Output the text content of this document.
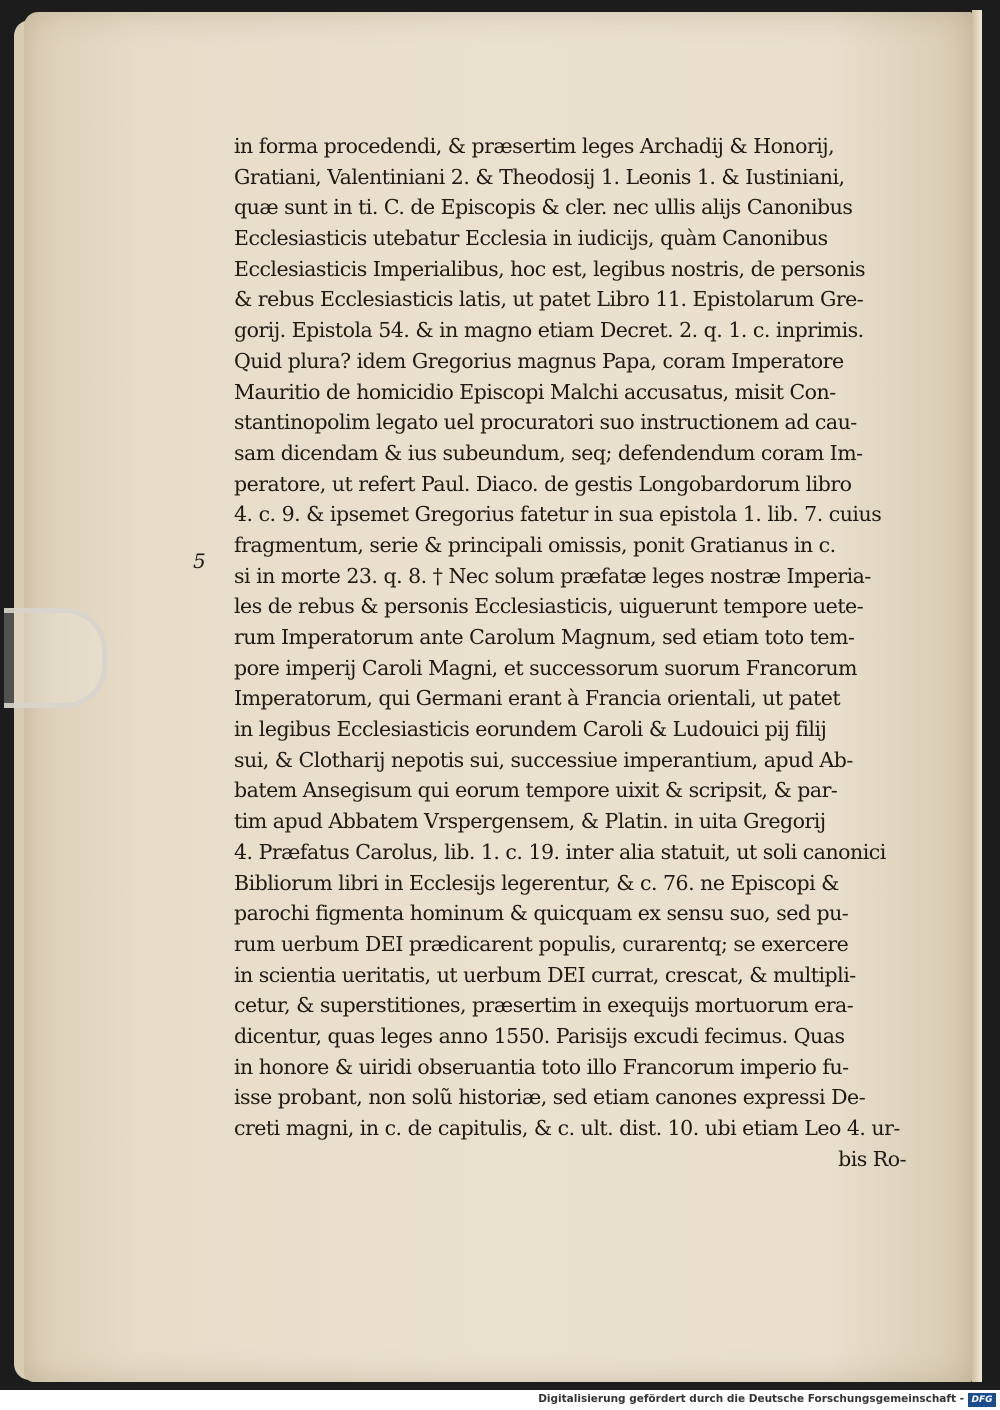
5
in forma procedendi, & præsertim leges Archadij & Honorij,
Gratiani, Valentiniani 2. & Theodosij 1. Leonis 1. & Iustiniani,
quæ sunt in ti. C. de Episcopis & cler. nec ullis alijs Canonibus
Ecclesiasticis utebatur Ecclesia in iudicijs, quàm Canonibus
Ecclesiasticis Imperialibus, hoc est, legibus nostris, de personis
& rebus Ecclesiasticis latis, ut patet Libro 11. Epistolarum Gre-
gorij. Epistola 54. & in magno etiam Decret. 2. q. 1. c. inprimis.
Quid plura? idem Gregorius magnus Papa, coram Imperatore
Mauritio de homicidio Episcopi Malchi accusatus, misit Con-
stantinopolim legato uel procuratori suo instructionem ad cau-
sam dicendam & ius subeundum, seq; defendendum coram Im-
peratore, ut refert Paul. Diaco. de gestis Longobardorum libro
4. c. 9. & ipsemet Gregorius fatetur in sua epistola 1. lib. 7. cuius
fragmentum, serie & principali omissis, ponit Gratianus in c.
si in morte 23. q. 8. † Nec solum præfatæ leges nostræ Imperia-
les de rebus & personis Ecclesiasticis, uiguerunt tempore uete-
rum Imperatorum ante Carolum Magnum, sed etiam toto tem-
pore imperij Caroli Magni, et successorum suorum Francorum
Imperatorum, qui Germani erant à Francia orientali, ut patet
in legibus Ecclesiasticis eorundem Caroli & Ludouici pij filij
sui, & Clotharij nepotis sui, successiue imperantium, apud Ab-
batem Ansegisum qui eorum tempore uixit & scripsit, & par-
tim apud Abbatem Vrspergensem, & Platin. in uita Gregorij
4. Præfatus Carolus, lib. 1. c. 19. inter alia statuit, ut soli canonici
Bibliorum libri in Ecclesijs legerentur, & c. 76. ne Episcopi &
parochi figmenta hominum & quicquam ex sensu suo, sed pu-
rum uerbum DEI prædicarent populis, curarentq; se exercere
in scientia ueritatis, ut uerbum DEI currat, crescat, & multipli-
cetur, & superstitiones, præsertim in exequijs mortuorum era-
dicentur, quas leges anno 1550. Parisijs excudi fecimus. Quas
in honore & uiridi obseruantia toto illo Francorum imperio fu-
isse probant, non solũ historiæ, sed etiam canones expressi De-
creti magni, in c. de capitulis, & c. ult. dist. 10. ubi etiam Leo 4. ur-
bis Ro-
Digitalisierung gefördert durch die Deutsche Forschungsgemeinschaft - DFG
